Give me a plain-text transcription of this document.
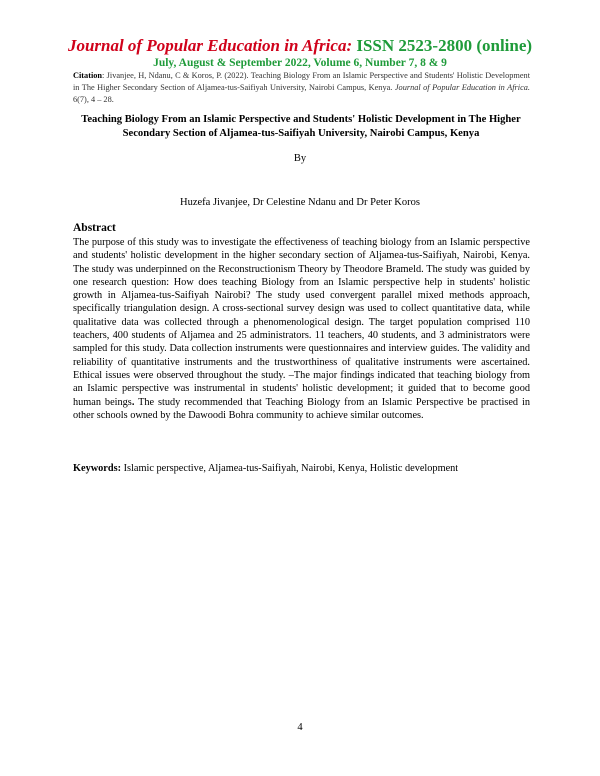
Journal of Popular Education in Africa: ISSN 2523-2800 (online)
July, August & September 2022, Volume 6, Number 7, 8 & 9
Citation: Jivanjee, H, Ndanu, C & Koros, P. (2022). Teaching Biology From an Islamic Perspective and Students' Holistic Development in The Higher Secondary Section of Aljamea-tus-Saifiyah University, Nairobi Campus, Kenya. Journal of Popular Education in Africa. 6(7), 4 – 28.
Teaching Biology From an Islamic Perspective and Students' Holistic Development in The Higher Secondary Section of Aljamea-tus-Saifiyah University, Nairobi Campus, Kenya
By
Huzefa Jivanjee, Dr Celestine Ndanu and Dr Peter Koros
Abstract
The purpose of this study was to investigate the effectiveness of teaching biology from an Islamic perspective and students' holistic development in the higher secondary section of Aljamea-tus-Saifiyah, Nairobi, Kenya. The study was underpinned on the Reconstructionism Theory by Theodore Brameld. The study was guided by one research question: How does teaching Biology from an Islamic perspective help in students' holistic growth in Aljamea-tus-Saifiyah Nairobi? The study used convergent parallel mixed methods approach, specifically triangulation design. A cross-sectional survey design was used to collect quantitative data, while qualitative data was collected through a phenomenological design. The target population comprised 110 teachers, 400 students of Aljamea and 25 administrators. 11 teachers, 40 students, and 3 administrators were sampled for this study. Data collection instruments were questionnaires and interview guides. The validity and reliability of quantitative instruments and the trustworthiness of qualitative instruments were ascertained. Ethical issues were observed throughout the study. –The major findings indicated that teaching biology from an Islamic perspective was instrumental in students' holistic development; it guided that to become good human beings. The study recommended that Teaching Biology from an Islamic Perspective be practised in other schools owned by the Dawoodi Bohra community to achieve similar outcomes.
Keywords: Islamic perspective, Aljamea-tus-Saifiyah, Nairobi, Kenya, Holistic development
4
